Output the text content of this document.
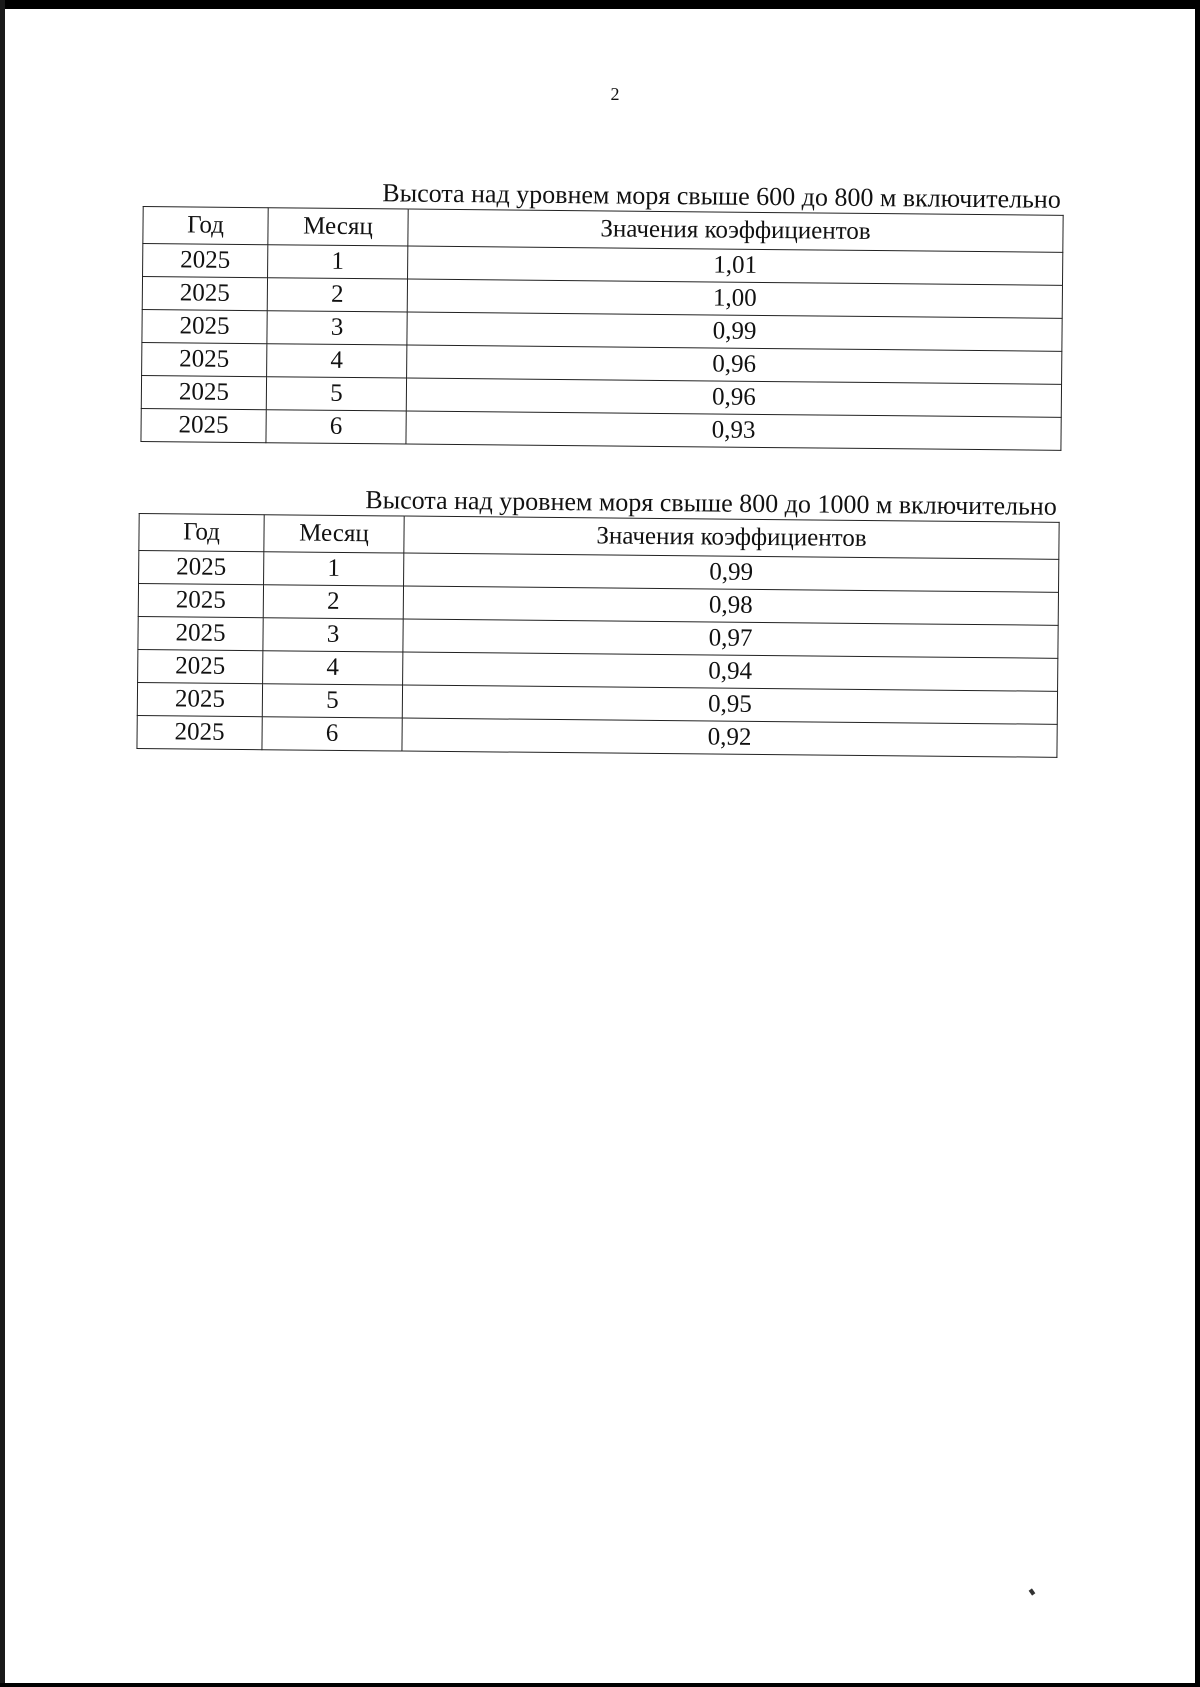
2
Высота над уровнем моря свыше 600 до 800 м включительно
Год	Месяц	Значения коэффициентов
2025	1	1,01
2025	2	1,00
2025	3	0,99
2025	4	0,96
2025	5	0,96
2025	6	0,93
Высота над уровнем моря свыше 800 до 1000 м включительно
Год	Месяц	Значения коэффициентов
2025	1	0,99
2025	2	0,98
2025	3	0,97
2025	4	0,94
2025	5	0,95
2025	6	0,92
